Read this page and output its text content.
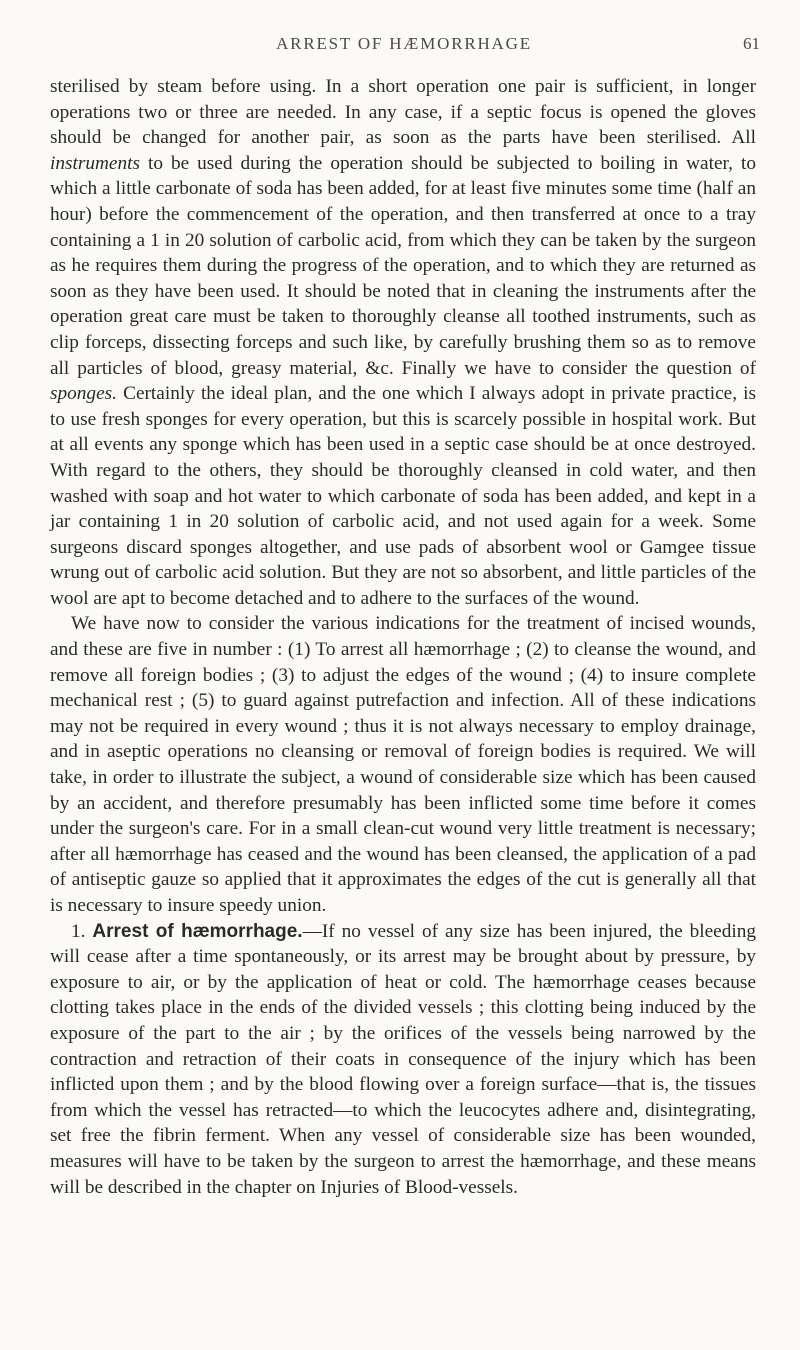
ARREST OF HÆMORRHAGE	61

sterilised by steam before using. In a short operation one pair is sufficient, in longer operations two or three are needed. In any case, if a septic focus is opened the gloves should be changed for another pair, as soon as the parts have been sterilised. All instruments to be used during the operation should be subjected to boiling in water, to which a little carbonate of soda has been added, for at least five minutes some time (half an hour) before the commencement of the operation, and then transferred at once to a tray containing a 1 in 20 solution of carbolic acid, from which they can be taken by the surgeon as he requires them during the progress of the operation, and to which they are returned as soon as they have been used. It should be noted that in cleaning the instruments after the operation great care must be taken to thoroughly cleanse all toothed instruments, such as clip forceps, dissecting forceps and such like, by carefully brushing them so as to remove all particles of blood, greasy material, &c. Finally we have to consider the question of sponges. Certainly the ideal plan, and the one which I always adopt in private practice, is to use fresh sponges for every operation, but this is scarcely possible in hospital work. But at all events any sponge which has been used in a septic case should be at once destroyed. With regard to the others, they should be thoroughly cleansed in cold water, and then washed with soap and hot water to which carbonate of soda has been added, and kept in a jar containing 1 in 20 solution of carbolic acid, and not used again for a week. Some surgeons discard sponges altogether, and use pads of absorbent wool or Gamgee tissue wrung out of carbolic acid solution. But they are not so absorbent, and little particles of the wool are apt to become detached and to adhere to the surfaces of the wound.

We have now to consider the various indications for the treatment of incised wounds, and these are five in number : (1) To arrest all hæmorrhage ; (2) to cleanse the wound, and remove all foreign bodies ; (3) to adjust the edges of the wound ; (4) to insure complete mechanical rest ; (5) to guard against putrefaction and infection. All of these indications may not be required in every wound ; thus it is not always necessary to employ drainage, and in aseptic operations no cleansing or removal of foreign bodies is required. We will take, in order to illustrate the subject, a wound of considerable size which has been caused by an accident, and therefore presumably has been inflicted some time before it comes under the surgeon's care. For in a small clean-cut wound very little treatment is necessary; after all hæmorrhage has ceased and the wound has been cleansed, the application of a pad of antiseptic gauze so applied that it approximates the edges of the cut is generally all that is necessary to insure speedy union.

1. Arrest of hæmorrhage.—If no vessel of any size has been injured, the bleeding will cease after a time spontaneously, or its arrest may be brought about by pressure, by exposure to air, or by the application of heat or cold. The hæmorrhage ceases because clotting takes place in the ends of the divided vessels ; this clotting being induced by the exposure of the part to the air ; by the orifices of the vessels being narrowed by the contraction and retraction of their coats in consequence of the injury which has been inflicted upon them ; and by the blood flowing over a foreign surface—that is, the tissues from which the vessel has retracted—to which the leucocytes adhere and, disintegrating, set free the fibrin ferment. When any vessel of considerable size has been wounded, measures will have to be taken by the surgeon to arrest the hæmorrhage, and these means will be described in the chapter on Injuries of Blood-vessels.
